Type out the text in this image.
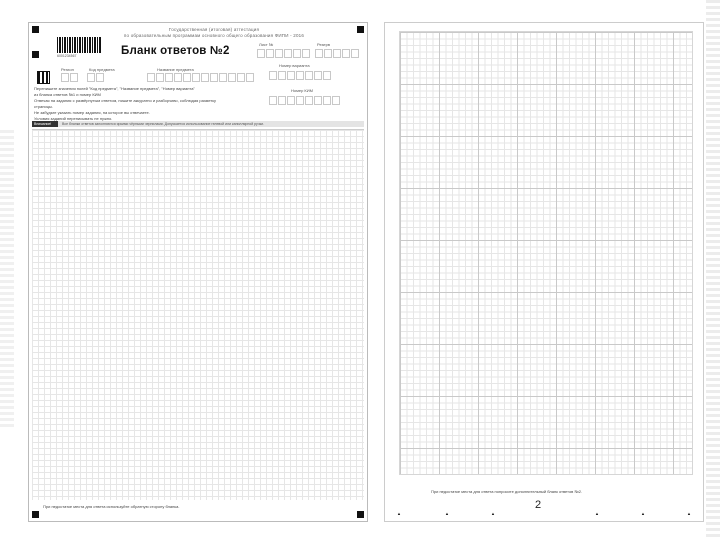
Государственная (итоговая) аттестация
по образовательным программам основного общего образования ФИПИ - 2016
6001234567	Бланк ответов №2
Лист №	Резерв
Регион	Код предмета	Название предмета
Номер варианта
Номер КИМ
Перепишите значения полей "Код предмета", "Название предмета", "Номер варианта"
из бланка ответов №1 и номер КИМ
Отвечая на задания с развёрнутым ответом, пишите аккуратно и разборчиво, соблюдая разметку страницы.
Не забудьте указать номер задания, на которое вы отвечаете.
Условия заданий переписывать не нужно.
Внимание!	Все бланки ответов заполняются яркими чёрными чернилами. Допускается использование гелевой или капиллярной ручки.
При недостатке места для ответа используйте обратную сторону бланка.
При недостатке места для ответа попросите дополнительный бланк ответов №2.
▲	▲	▲
2
▲	▲	▲
